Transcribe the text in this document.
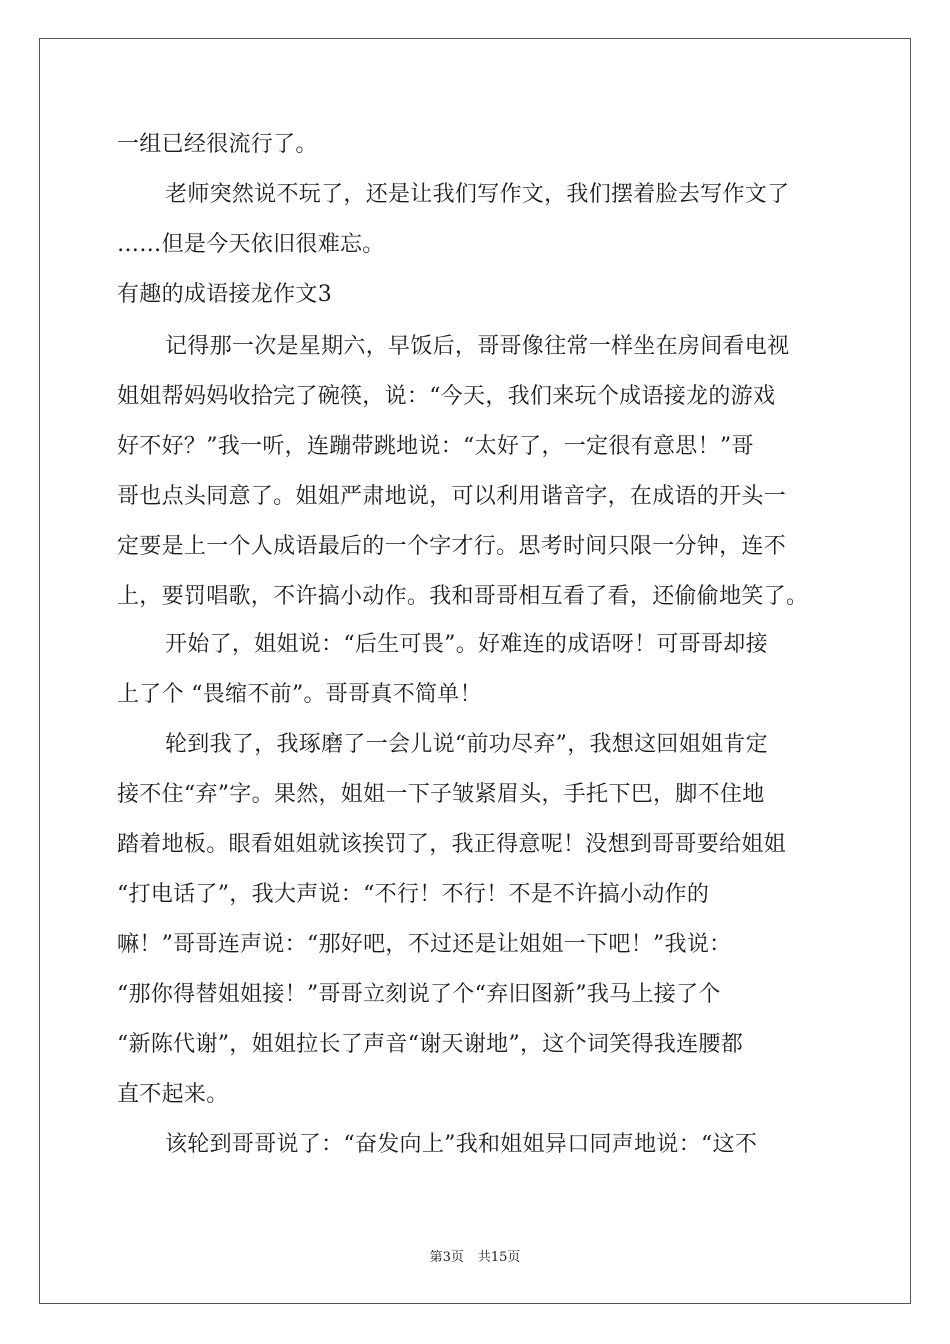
一组已经很流行了。
老师突然说不玩了，还是让我们写作文，我们摆着脸去写作文了
……但是今天依旧很难忘。
有趣的成语接龙作文3
记得那一次是星期六，早饭后，哥哥像往常一样坐在房间看电视
姐姐帮妈妈收拾完了碗筷，说：“今天，我们来玩个成语接龙的游戏
好不好？”我一听，连蹦带跳地说：“太好了，一定很有意思！”哥
哥也点头同意了。姐姐严肃地说，可以利用谐音字，在成语的开头一
定要是上一个人成语最后的一个字才行。思考时间只限一分钟，连不
上，要罚唱歌，不许搞小动作。我和哥哥相互看了看，还偷偷地笑了。
开始了，姐姐说：“后生可畏”。好难连的成语呀！可哥哥却接
上了个 “畏缩不前”。哥哥真不简单！
轮到我了，我琢磨了一会儿说“前功尽弃”，我想这回姐姐肯定
接不住“弃”字。果然，姐姐一下子皱紧眉头，手托下巴，脚不住地
踏着地板。眼看姐姐就该挨罚了，我正得意呢！没想到哥哥要给姐姐
“打电话了”，我大声说：“不行！不行！不是不许搞小动作的
嘛！”哥哥连声说：“那好吧，不过还是让姐姐一下吧！”我说：
“那你得替姐姐接！”哥哥立刻说了个“弃旧图新”我马上接了个
“新陈代谢”，姐姐拉长了声音“谢天谢地”，这个词笑得我连腰都
直不起来。
该轮到哥哥说了：“奋发向上”我和姐姐异口同声地说：“这不
第3页 共15页
